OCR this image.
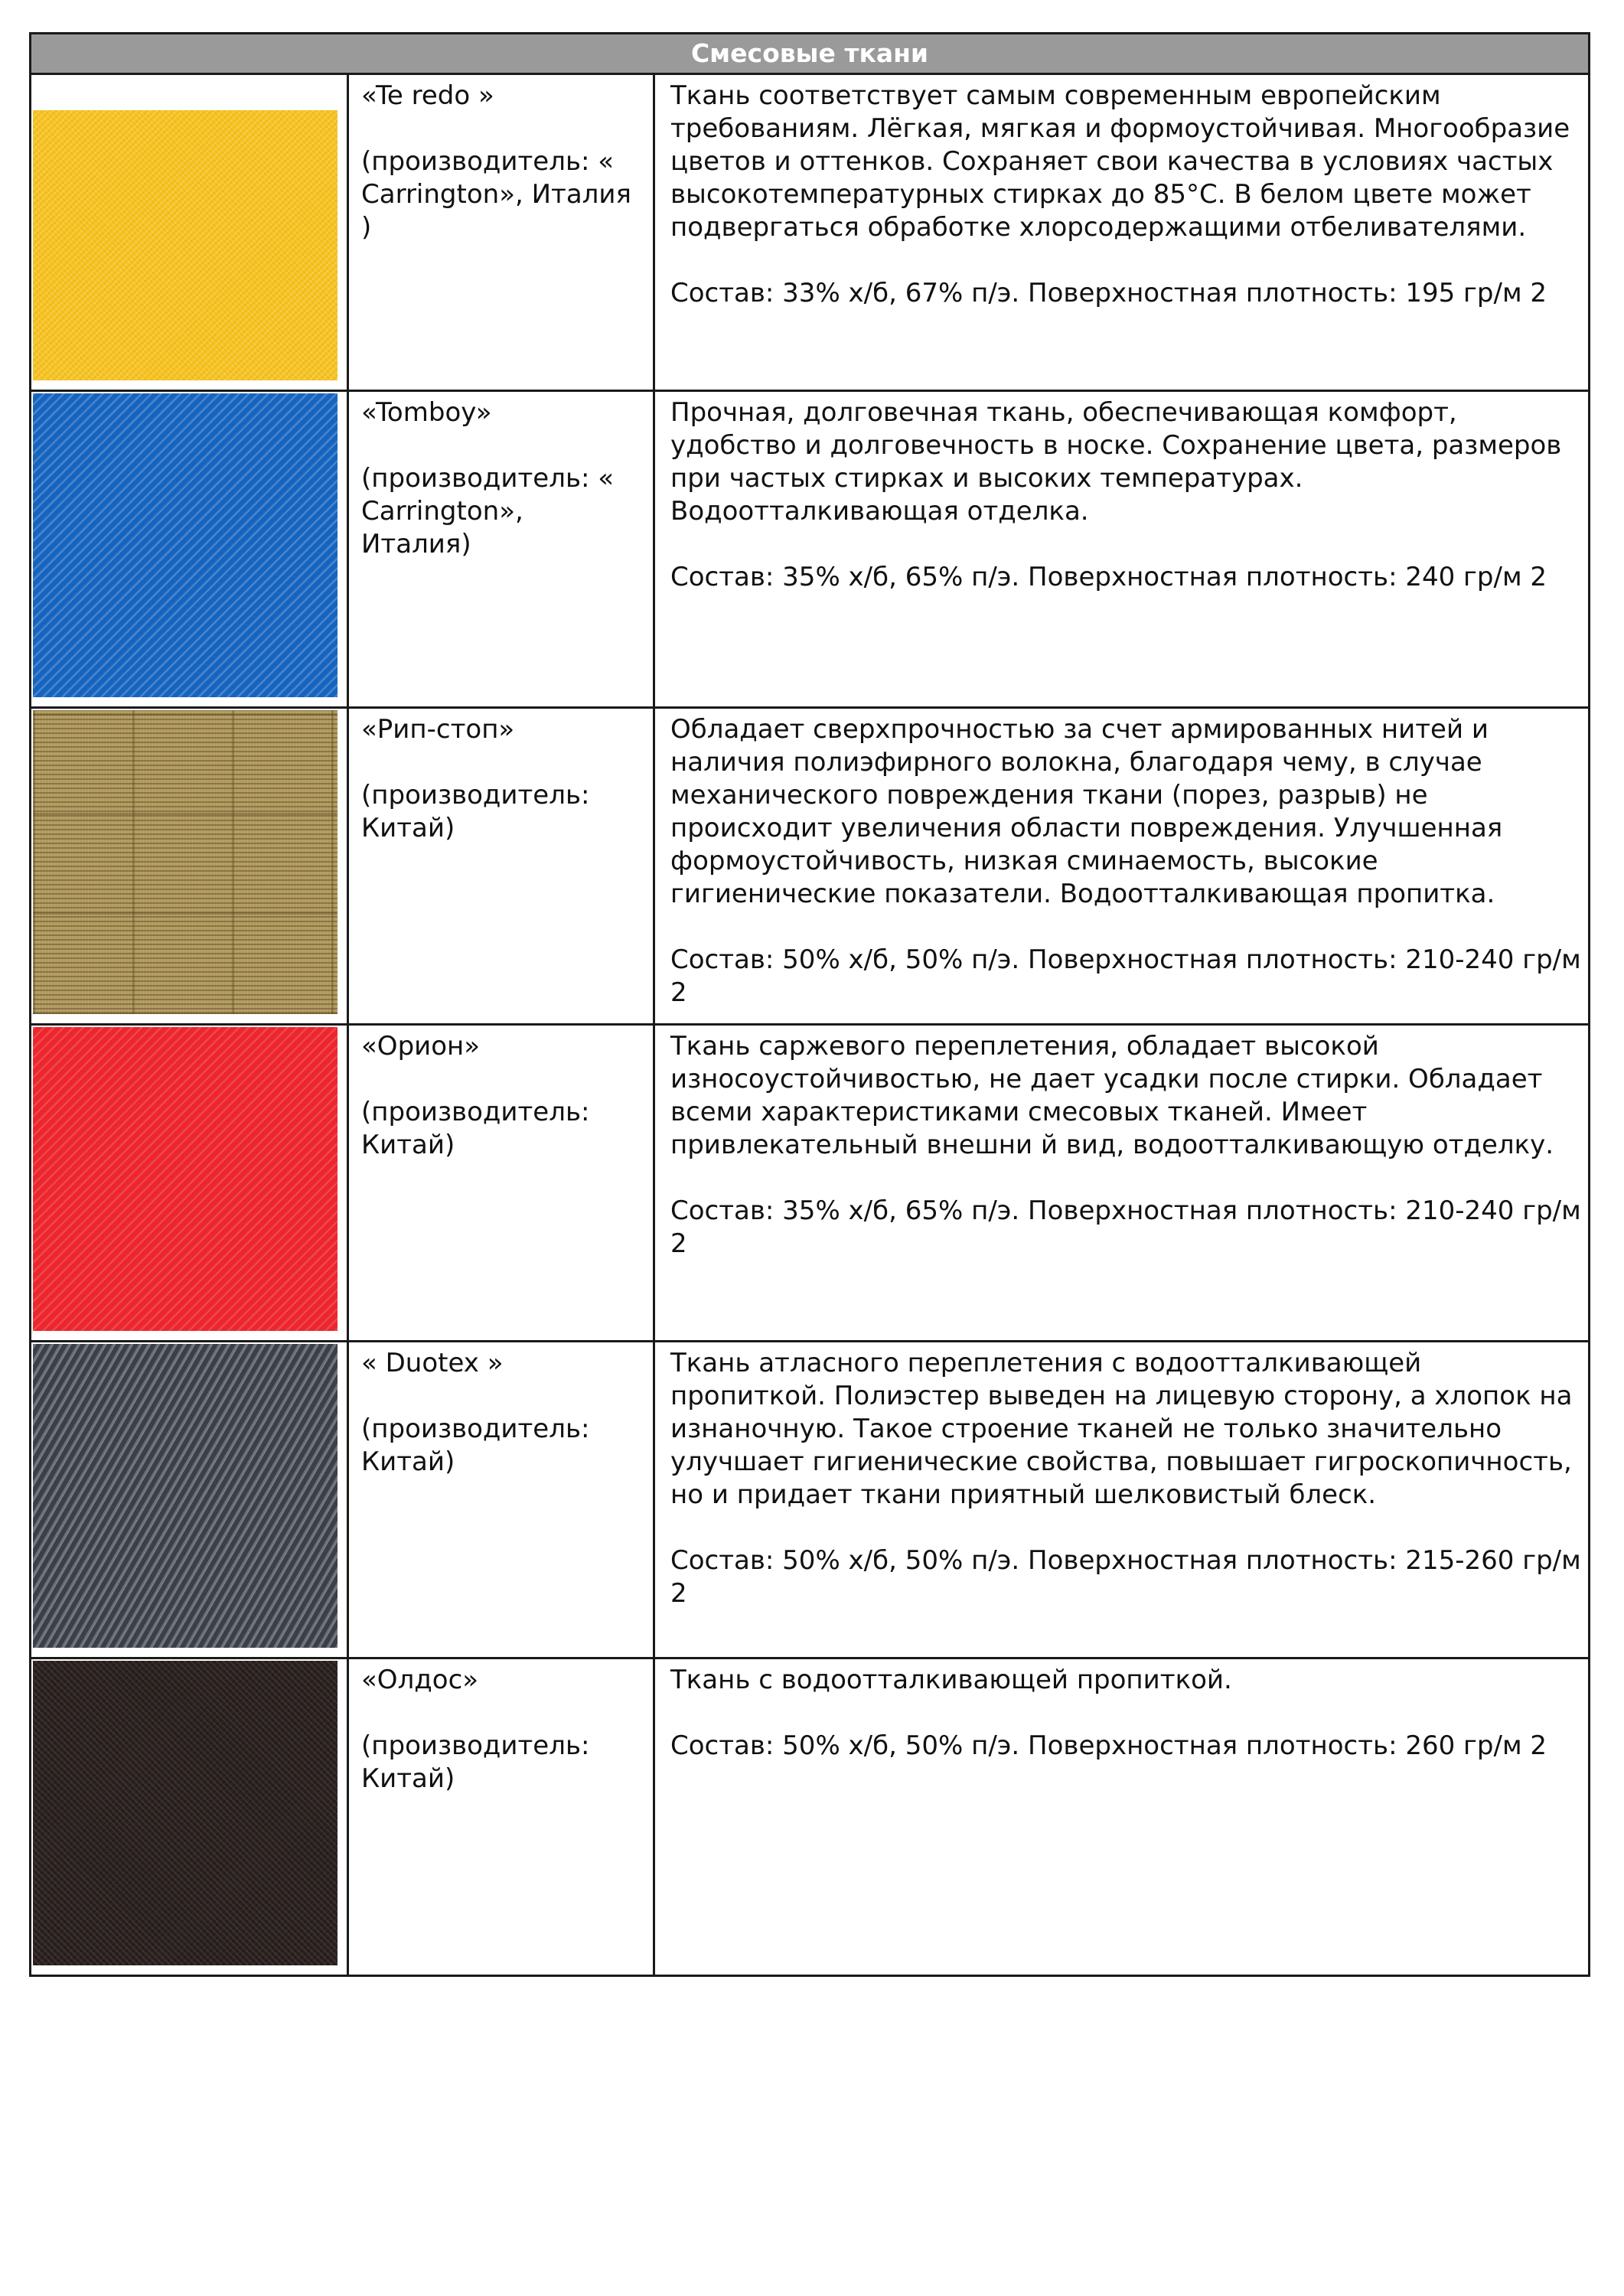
Смесовые ткани
«Te redo »
(производитель: « Carrington», Италия )
Ткань соответствует самым современным европейским требованиям. Лёгкая, мягкая и формоустойчивая. Многообразие цветов и оттенков. Сохраняет свои качества в условиях частых высокотемпературных стирках до 85°С. В белом цвете может подвергаться обработке хлорсодержащими отбеливателями.
Состав: 33% х/б, 67% п/э. Поверхностная плотность: 195 гр/м 2
«Tomboy»
(производитель: « Carrington», Италия)
Прочная, долговечная ткань, обеспечивающая комфорт, удобство и долговечность в носке. Сохранение цвета, размеров при частых стирках и высоких температурах. Водоотталкивающая отделка.
Состав: 35% х/б, 65% п/э. Поверхностная плотность: 240 гр/м 2
«Рип-стоп»
(производитель: Китай)
Обладает сверхпрочностью за счет армированных нитей и наличия полиэфирного волокна, благодаря чему, в случае механического повреждения ткани (порез, разрыв) не происходит увеличения области повреждения. Улучшенная формоустойчивость, низкая сминаемость, высокие гигиенические показатели. Водоотталкивающая пропитка.
Состав: 50% х/б, 50% п/э. Поверхностная плотность: 210-240 гр/м 2
«Орион»
(производитель: Китай)
Ткань саржевого переплетения, обладает высокой износоустойчивостью, не дает усадки после стирки. Обладает всеми характеристиками смесовых тканей. Имеет привлекательный внешни й вид, водоотталкивающую отделку.
Состав: 35% х/б, 65% п/э. Поверхностная плотность: 210-240 гр/м 2
« Duotex »
(производитель: Китай)
Ткань атласного переплетения с водоотталкивающей пропиткой. Полиэстер выведен на лицевую сторону, а хлопок на изнаночную. Такое строение тканей не только значительно улучшает гигиенические свойства, повышает гигроскопичность, но и придает ткани приятный шелковистый блеск.
Состав: 50% х/б, 50% п/э. Поверхностная плотность: 215-260 гр/м 2
«Олдос»
(производитель: Китай)
Ткань с водоотталкивающей пропиткой.
Состав: 50% х/б, 50% п/э. Поверхностная плотность: 260 гр/м 2
